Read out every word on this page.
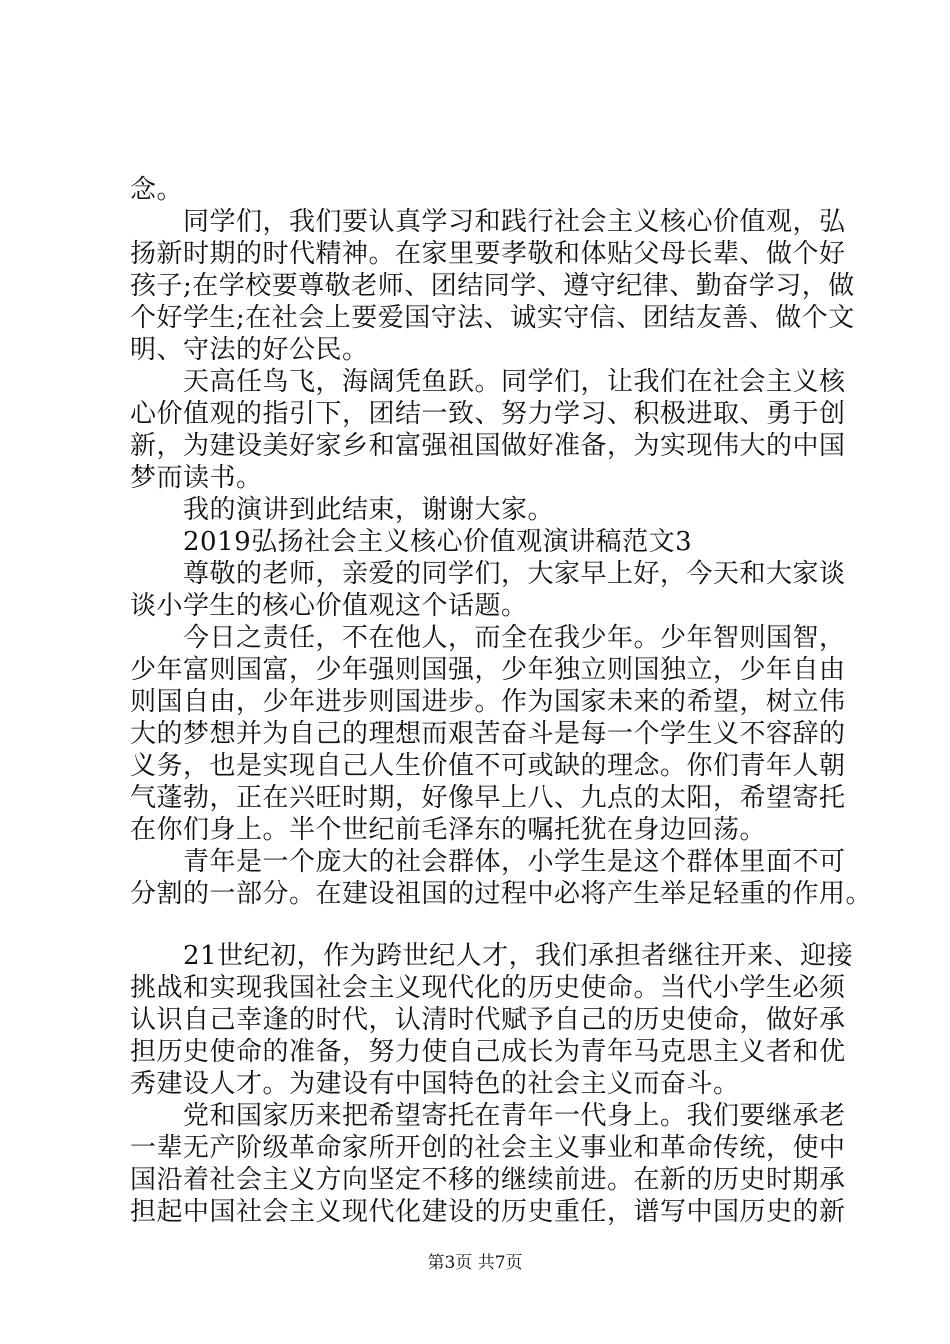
念。
　　同学们，我们要认真学习和践行社会主义核心价值观，弘
扬新时期的时代精神。在家里要孝敬和体贴父母长辈、做个好
孩子;在学校要尊敬老师、团结同学、遵守纪律、勤奋学习，做
个好学生;在社会上要爱国守法、诚实守信、团结友善、做个文
明、守法的好公民。
　　天高任鸟飞，海阔凭鱼跃。同学们，让我们在社会主义核
心价值观的指引下，团结一致、努力学习、积极进取、勇于创
新，为建设美好家乡和富强祖国做好准备，为实现伟大的中国
梦而读书。
　　我的演讲到此结束，谢谢大家。
　　2019弘扬社会主义核心价值观演讲稿范文3
　　尊敬的老师，亲爱的同学们，大家早上好，今天和大家谈
谈小学生的核心价值观这个话题。
　　今日之责任，不在他人，而全在我少年。少年智则国智，
少年富则国富，少年强则国强，少年独立则国独立，少年自由
则国自由，少年进步则国进步。作为国家未来的希望，树立伟
大的梦想并为自己的理想而艰苦奋斗是每一个学生义不容辞的
义务，也是实现自己人生价值不可或缺的理念。你们青年人朝
气蓬勃，正在兴旺时期，好像早上八、九点的太阳，希望寄托
在你们身上。半个世纪前毛泽东的嘱托犹在身边回荡。
　　青年是一个庞大的社会群体，小学生是这个群体里面不可
分割的一部分。在建设祖国的过程中必将产生举足轻重的作用。
　　21世纪初，作为跨世纪人才，我们承担者继往开来、迎接
挑战和实现我国社会主义现代化的历史使命。当代小学生必须
认识自己幸逢的时代，认清时代赋予自己的历史使命，做好承
担历史使命的准备，努力使自己成长为青年马克思主义者和优
秀建设人才。为建设有中国特色的社会主义而奋斗。
　　党和国家历来把希望寄托在青年一代身上。我们要继承老
一辈无产阶级革命家所开创的社会主义事业和革命传统，使中
国沿着社会主义方向坚定不移的继续前进。在新的历史时期承
担起中国社会主义现代化建设的历史重任，谱写中国历史的新
第3页 共7页
